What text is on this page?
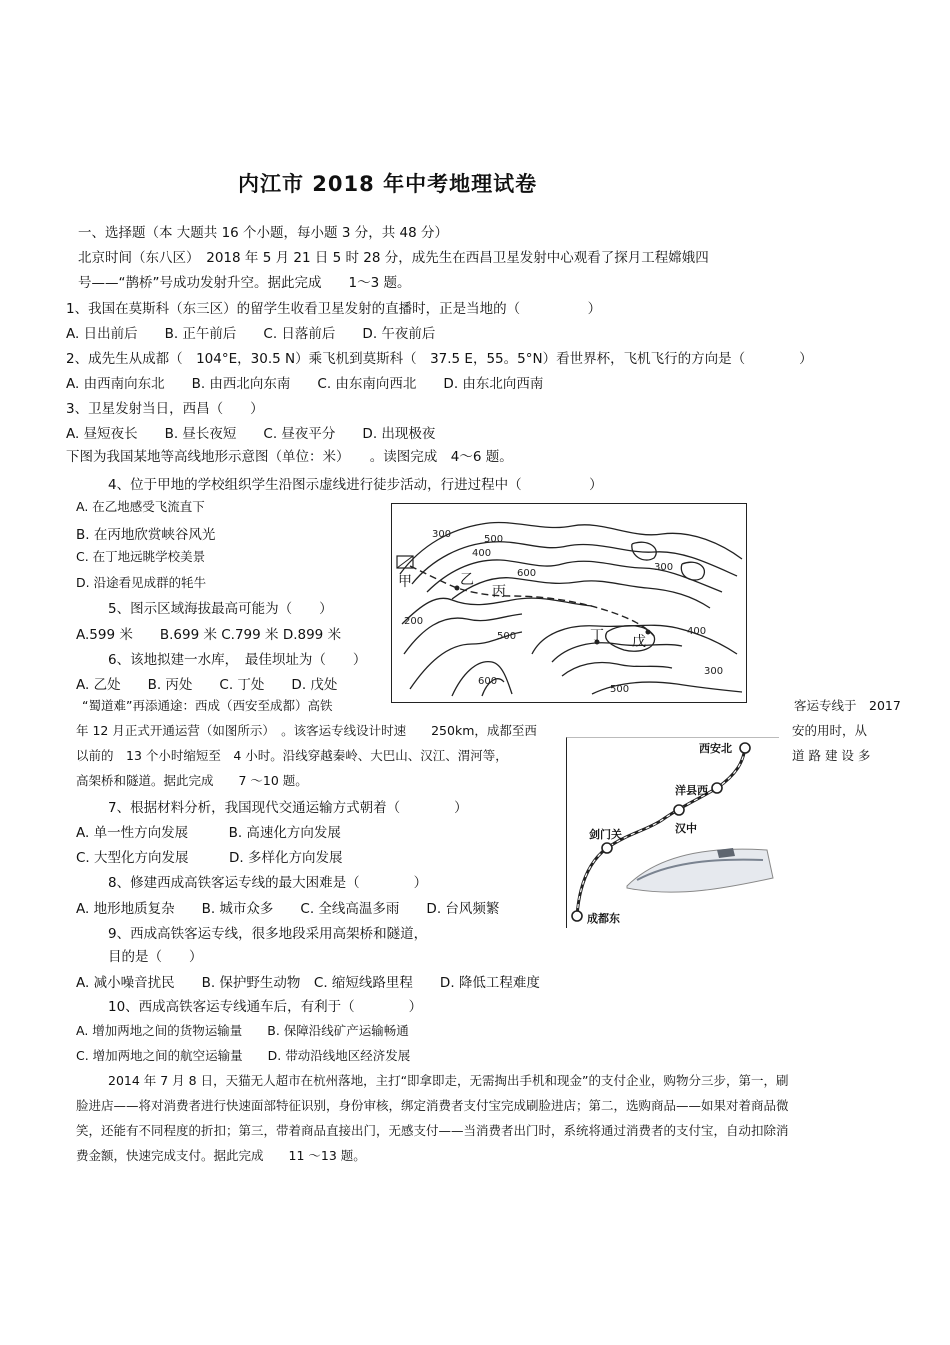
内江市 2018 年中考地理试卷
一、选择题（本 大题共 16 个小题，每小题 3 分，共 48 分）
北京时间（东八区）　2018 年 5 月 21 日 5 时 28 分，成先生在西昌卫星发射中心观看了探月工程嫦娥四
号——“鹊桥”号成功发射升空。据此完成　　1～3 题。
1、我国在莫斯科（东三区）的留学生收看卫星发射的直播时，正是当地的（　　　　　）
A. 日出前后　　B. 正午前后　　C. 日落前后　　D. 午夜前后
2、成先生从成都（　104°E，30.5 N）乘飞机到莫斯科（　37.5 E，55。5°N）看世界杯，飞机飞行的方向是（　　　　）
A. 由西南向东北　　B. 由西北向东南　　C. 由东南向西北　　D. 由东北向西南
3、卫星发射当日，西昌（　　）
A. 昼短夜长　　B. 昼长夜短　　C. 昼夜平分　　D. 出现极夜
下图为我国某地等高线地形示意图（单位：米）　　。读图完成　4～6 题。
4、位于甲地的学校组织学生沿图示虚线进行徒步活动，行进过程中（　　　　　）
A. 在乙地感受飞流直下
B. 在丙地欣赏峡谷风光
C. 在丁地远眺学校美景
D. 沿途看见成群的牦牛
5、图示区域海拔最高可能为（　　）
A.599 米　　B.699 米 C.799 米 D.899 米
6、该地拟建一水库，　最佳坝址为（　　）
A. 乙处　　B. 丙处　　C. 丁处　　D. 戊处
300
400
500
600
200
500
600
300
400
300
500
甲	乙
丙
丁 戊
“蜀道难”再添通途：西成（西安至成都）高铁	客运专线于　2017
年 12 月正式开通运营（如图所示）　。该客运专线设计时速　　250km，成都至西	安的用时，从
以前的　13 个小时缩短至　4 小时。沿线穿越秦岭、大巴山、汉江、渭河等，	道 路 建 设 多
高架桥和隧道。据此完成　　7 ～10 题。
西安北
洋县西
汉中
剑门关
成都东
7、根据材料分析，我国现代交通运输方式朝着（　　　　）
A. 单一性方向发展　　　B. 高速化方向发展
C. 大型化方向发展　　　D. 多样化方向发展
8、修建西成高铁客运专线的最大困难是（　　　　）
A. 地形地质复杂　　B. 城市众多　　C. 全线高温多雨　　D. 台风频繁
9、西成高铁客运专线，很多地段采用高架桥和隧道，
目的是（　　）
A. 减小噪音扰民　　B. 保护野生动物　C. 缩短线路里程　　D. 降低工程难度
10、西成高铁客运专线通车后，有利于（　　　　）
A. 增加两地之间的货物运输量　　B. 保障沿线矿产运输畅通
C. 增加两地之间的航空运输量　　D. 带动沿线地区经济发展
2014 年 7 月 8 日，天猫无人超市在杭州落地，主打“即拿即走，无需掏出手机和现金”的支付企业，购物分三步，第一，刷
脸进店——将对消费者进行快速面部特征识别，身份审核，绑定消费者支付宝完成刷脸进店；第二，选购商品——如果对着商品微
笑，还能有不同程度的折扣；第三，带着商品直接出门，无感支付——当消费者出门时，系统将通过消费者的支付宝，自动扣除消
费金额，快速完成支付。据此完成　　11 ～13 题。
